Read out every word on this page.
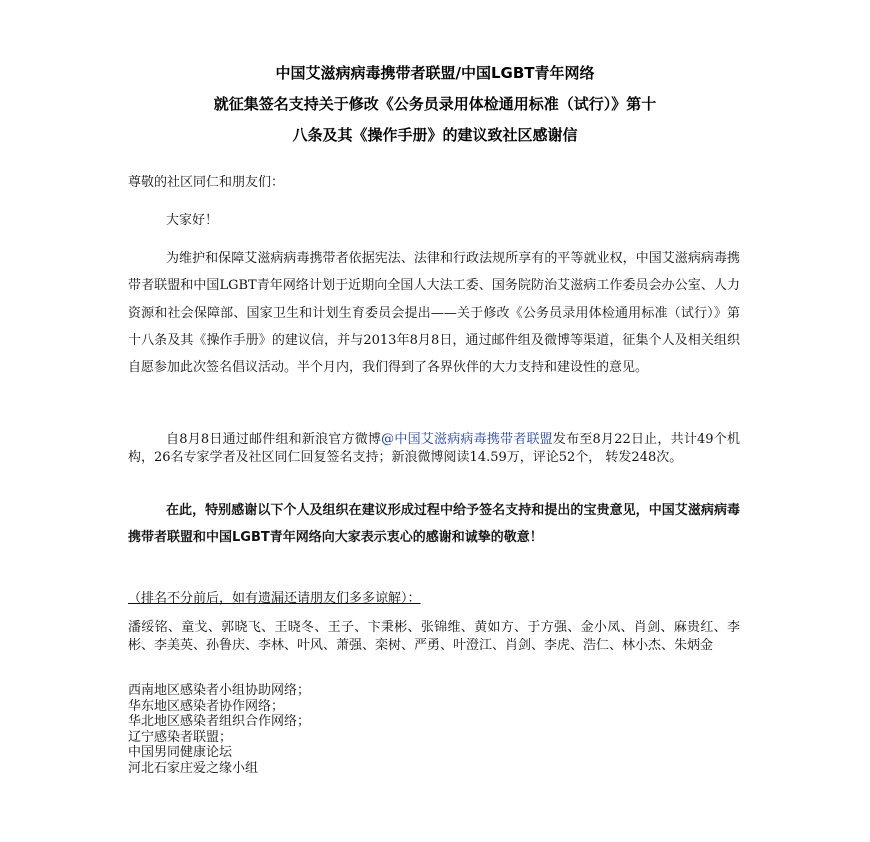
中国艾滋病病毒携带者联盟/中国LGBT青年网络
就征集签名支持关于修改《公务员录用体检通用标准（试行）》第十
八条及其《操作手册》的建议致社区感谢信
尊敬的社区同仁和朋友们：
大家好！
为维护和保障艾滋病病毒携带者依据宪法、法律和行政法规所享有的平等就业权，中国艾滋病病毒携带者联盟和中国LGBT青年网络计划于近期向全国人大法工委、国务院防治艾滋病工作委员会办公室、人力资源和社会保障部、国家卫生和计划生育委员会提出——关于修改《公务员录用体检通用标准（试行）》第十八条及其《操作手册》的建议信，并与2013年8月8日，通过邮件组及微博等渠道，征集个人及相关组织自愿参加此次签名倡议活动。半个月内，我们得到了各界伙伴的大力支持和建设性的意见。
自8月8日通过邮件组和新浪官方微博@中国艾滋病病毒携带者联盟发布至8月22日止，共计49个机构，26名专家学者及社区同仁回复签名支持；新浪微博阅读14.59万，评论52个， 转发248次。
在此，特别感谢以下个人及组织在建议形成过程中给予签名支持和提出的宝贵意见，中国艾滋病病毒携带者联盟和中国LGBT青年网络向大家表示衷心的感谢和诚挚的敬意！
（排名不分前后，如有遗漏还请朋友们多多谅解）：
潘绥铭、童戈、郭晓飞、王晓冬、王子、卞秉彬、张锦维、黄如方、于方强、金小凤、肖剑、麻贵红、李彬、李美英、孙鲁庆、李林、叶风、萧强、栾树、严勇、叶澄江、肖剑、李虎、浩仁、林小杰、朱炳金
西南地区感染者小组协助网络；
华东地区感染者协作网络；
华北地区感染者组织合作网络；
辽宁感染者联盟；
中国男同健康论坛
河北石家庄爱之缘小组
